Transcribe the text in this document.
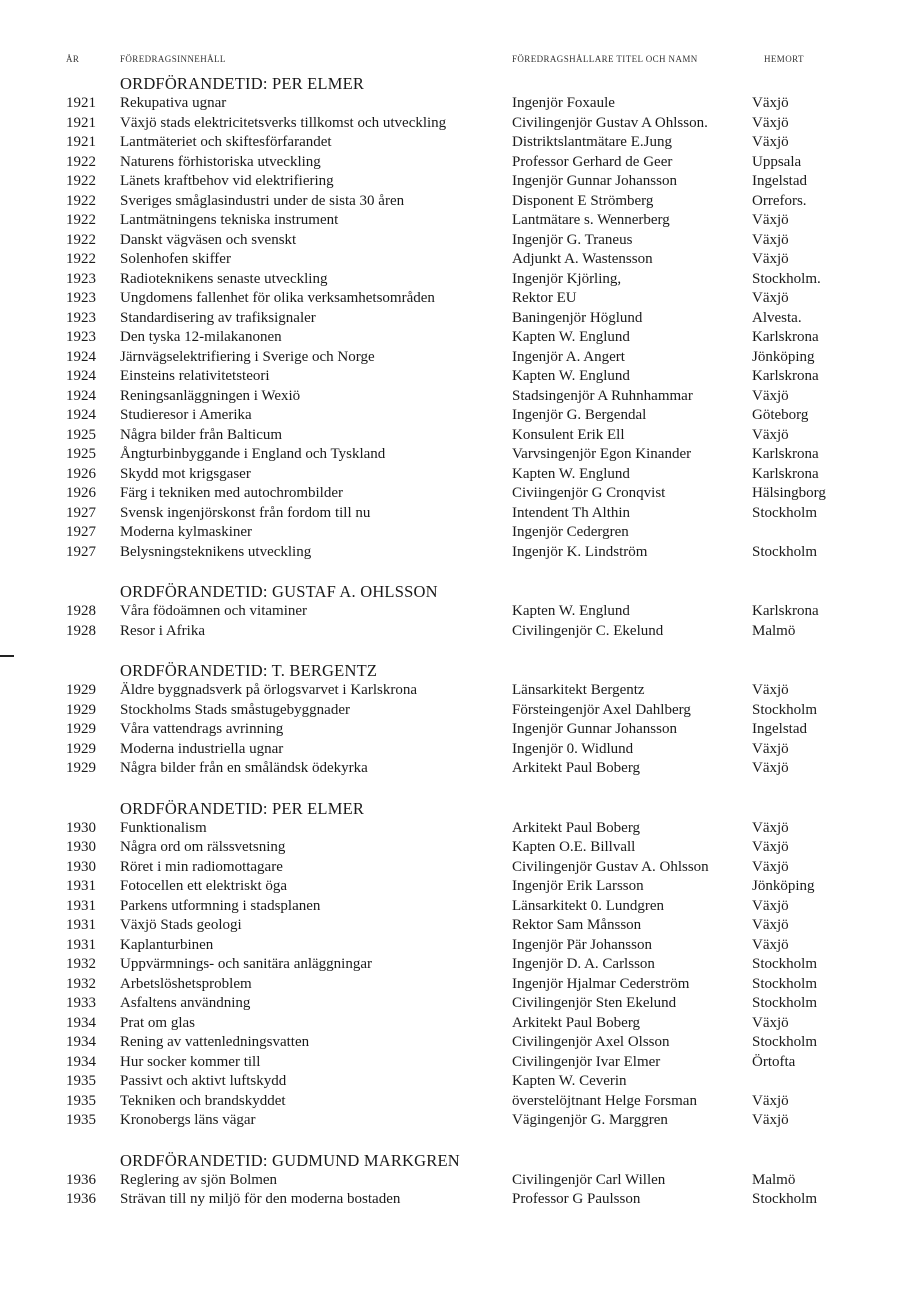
ÅR	FÖREDRAGSINNEHÅLL	FÖREDRAGSHÅLLARE TITEL OCH NAMN	HEMORT
ORDFÖRANDETID: PER ELMER
1921 Rekupativa ugnar	Ingenjör Foxaule	Växjö
1921 Växjö stads elektricitetsverks tillkomst och utveckling	Civilingenjör Gustav A Ohlsson.	Växjö
1921 Lantmäteriet och skiftesförfarandet	Distriktslantmätare E.Jung	Växjö
1922 Naturens förhistoriska utveckling	Professor Gerhard de Geer	Uppsala
1922 Länets kraftbehov vid elektrifiering	Ingenjör Gunnar Johansson	Ingelstad
1922 Sveriges småglasindustri under de sista 30 åren	Disponent E Strömberg	Orrefors.
1922 Lantmätningens tekniska instrument	Lantmätare s. Wennerberg	Växjö
1922 Danskt vägväsen och svenskt	Ingenjör G. Traneus	Växjö
1922 Solenhofen skiffer	Adjunkt A. Wastensson	Växjö
1923 Radioteknikens senaste utveckling	Ingenjör Kjörling,	Stockholm.
1923 Ungdomens fallenhet för olika verksamhetsområden	Rektor EU	Växjö
1923 Standardisering av trafiksignaler	Baningenjör Höglund	Alvesta.
1923 Den tyska 12-milakanonen	Kapten W. Englund	Karlskrona
1924 Järnvägselektrifiering i Sverige och Norge	Ingenjör A. Angert	Jönköping
1924 Einsteins relativitetsteori	Kapten W. Englund	Karlskrona
1924 Reningsanläggningen i Wexiö	Stadsingenjör A Ruhnhammar	Växjö
1924 Studieresor i Amerika	Ingenjör G. Bergendal	Göteborg
1925 Några bilder från Balticum	Konsulent Erik Ell	Växjö
1925 Ångturbinbyggande i England och Tyskland	Varvsingenjör Egon Kinander	Karlskrona
1926 Skydd mot krigsgaser	Kapten W. Englund	Karlskrona
1926 Färg i tekniken med autochrombilder	Civiingenjör G Cronqvist	Hälsingborg
1927 Svensk ingenjörskonst från fordom till nu	Intendent Th Althin	Stockholm
1927 Moderna kylmaskiner	Ingenjör Cedergren
1927 Belysningsteknikens utveckling	Ingenjör K. Lindström	Stockholm
ORDFÖRANDETID: GUSTAF A. OHLSSON
1928 Våra födoämnen och vitaminer	Kapten W. Englund	Karlskrona
1928 Resor i Afrika	Civilingenjör C. Ekelund	Malmö
ORDFÖRANDETID: T. BERGENTZ
1929 Äldre byggnadsverk på örlogsvarvet i Karlskrona	Länsarkitekt Bergentz	Växjö
1929 Stockholms Stads småstugebyggnader	Försteingenjör Axel Dahlberg	Stockholm
1929 Våra vattendrags avrinning	Ingenjör Gunnar Johansson	Ingelstad
1929 Moderna industriella ugnar	Ingenjör 0. Widlund	Växjö
1929 Några bilder från en småländsk ödekyrka	Arkitekt Paul Boberg	Växjö
ORDFÖRANDETID: PER ELMER
1930 Funktionalism	Arkitekt Paul Boberg	Växjö
1930 Några ord om rälssvetsning	Kapten O.E. Billvall	Växjö
1930 Röret i min radiomottagare	Civilingenjör Gustav A. Ohlsson	Växjö
1931 Fotocellen ett elektriskt öga	Ingenjör Erik Larsson	Jönköping
1931 Parkens utformning i stadsplanen	Länsarkitekt 0. Lundgren	Växjö
1931 Växjö Stads geologi	Rektor Sam Månsson	Växjö
1931 Kaplanturbinen	Ingenjör Pär Johansson	Växjö
1932 Uppvärmnings- och sanitära anläggningar	Ingenjör D. A. Carlsson	Stockholm
1932 Arbetslöshetsproblem	Ingenjör Hjalmar Cederström	Stockholm
1933 Asfaltens användning	Civilingenjör Sten Ekelund	Stockholm
1934 Prat om glas	Arkitekt Paul Boberg	Växjö
1934 Rening av vattenledningsvatten	Civilingenjör Axel Olsson	Stockholm
1934 Hur socker kommer till	Civilingenjör Ivar Elmer	Örtofta
1935 Passivt och aktivt luftskydd	Kapten W. Ceverin
1935 Tekniken och brandskyddet	överstelöjtnant Helge Forsman	Växjö
1935 Kronobergs läns vägar	Vägingenjör G. Marggren	Växjö
ORDFÖRANDETID: GUDMUND MARKGREN
1936 Reglering av sjön Bolmen	Civilingenjör Carl Willen	Malmö
1936 Strävan till ny miljö för den moderna bostaden	Professor G Paulsson	Stockholm
